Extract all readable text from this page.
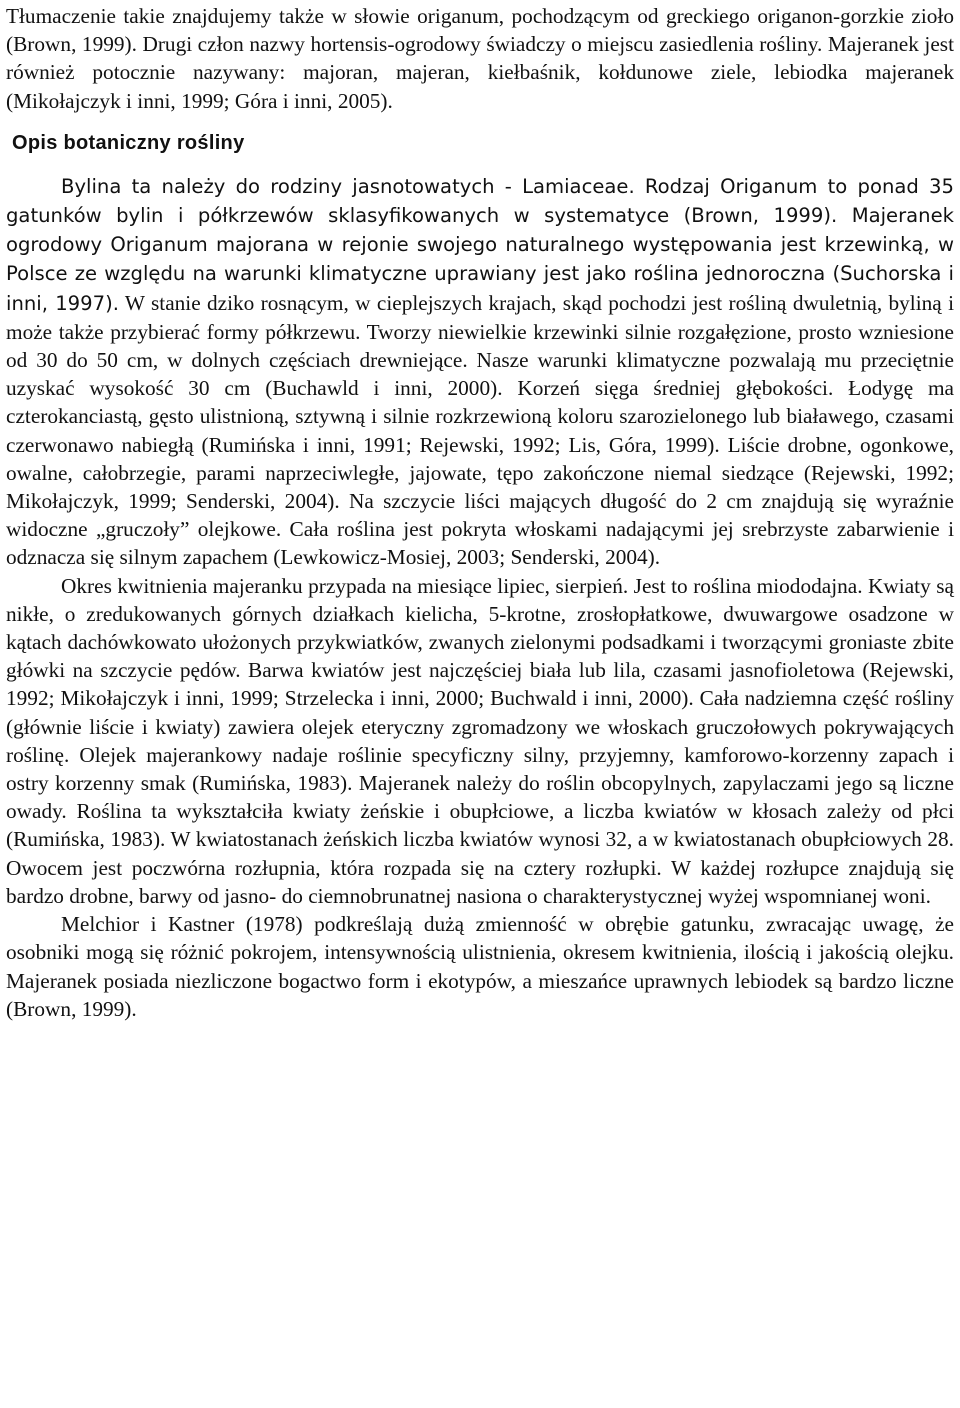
Tłumaczenie takie znajdujemy także w słowie origanum, pochodzącym od greckiego origanon-gorzkie zioło (Brown, 1999). Drugi człon nazwy hortensis-ogrodowy świadczy o miejscu zasiedlenia rośliny. Majeranek jest również potocznie nazywany: majoran, majeran, kiełbaśnik, kołdunowe ziele, lebiodka majeranek (Mikołajczyk i inni, 1999; Góra i inni, 2005).

Opis botaniczny rośliny

Bylina ta należy do rodziny jasnotowatych - Lamiaceae. Rodzaj Origanum to ponad 35 gatunków bylin i półkrzewów sklasyfikowanych w systematyce (Brown, 1999). Majeranek ogrodowy Origanum majorana w rejonie swojego naturalnego występowania jest krzewinką, w Polsce ze względu na warunki klimatyczne uprawiany jest jako roślina jednoroczna (Suchorska i inni, 1997). W stanie dziko rosnącym, w cieplejszych krajach, skąd pochodzi jest rośliną dwuletnią, byliną i może także przybierać formy półkrzewu. Tworzy niewielkie krzewinki silnie rozgałęzione, prosto wzniesione od 30 do 50 cm, w dolnych częściach drewniejące. Nasze warunki klimatyczne pozwalają mu przeciętnie uzyskać wysokość 30 cm (Buchawld i inni, 2000). Korzeń sięga średniej głębokości. Łodygę ma czterokanciastą, gęsto ulistnioną, sztywną i silnie rozkrzewioną koloru szarozielonego lub białawego, czasami czerwonawo nabiegłą (Rumińska i inni, 1991; Rejewski, 1992; Lis, Góra, 1999). Liście drobne, ogonkowe, owalne, całobrzegie, parami naprzeciwległe, jajowate, tępo zakończone niemal siedzące (Rejewski, 1992; Mikołajczyk, 1999; Senderski, 2004). Na szczycie liści mających długość do 2 cm znajdują się wyraźnie widoczne „gruczoły” olejkowe. Cała roślina jest pokryta włoskami nadającymi jej srebrzyste zabarwienie i odznacza się silnym zapachem (Lewkowicz-Mosiej, 2003; Senderski, 2004).

Okres kwitnienia majeranku przypada na miesiące lipiec, sierpień. Jest to roślina miododajna. Kwiaty są nikłe, o zredukowanych górnych działkach kielicha, 5-krotne, zrosłopłatkowe, dwuwargowe osadzone w kątach dachówkowato ułożonych przykwiatków, zwanych zielonymi podsadkami i tworzącymi groniaste zbite główki na szczycie pędów. Barwa kwiatów jest najczęściej biała lub lila, czasami jasnofioletowa (Rejewski, 1992; Mikołajczyk i inni, 1999; Strzelecka i inni, 2000; Buchwald i inni, 2000). Cała nadziemna część rośliny (głównie liście i kwiaty) zawiera olejek eteryczny zgromadzony we włoskach gruczołowych pokrywających roślinę. Olejek majerankowy nadaje roślinie specyficzny silny, przyjemny, kamforowo-korzenny zapach i ostry korzenny smak (Rumińska, 1983). Majeranek należy do roślin obcopylnych, zapylaczami jego są liczne owady. Roślina ta wykształciła kwiaty żeńskie i obupłciowe, a liczba kwiatów w kłosach zależy od płci (Rumińska, 1983). W kwiatostanach żeńskich liczba kwiatów wynosi 32, a w kwiatostanach obupłciowych 28. Owocem jest poczwórna rozłupnia, która rozpada się na cztery rozłupki. W każdej rozłupce znajdują się bardzo drobne, barwy od jasno- do ciemnobrunatnej nasiona o charakterystycznej wyżej wspomnianej woni.

Melchior i Kastner (1978) podkreślają dużą zmienność w obrębie gatunku, zwracając uwagę, że osobniki mogą się różnić pokrojem, intensywnością ulistnienia, okresem kwitnienia, ilością i jakością olejku. Majeranek posiada niezliczone bogactwo form i ekotypów, a mieszańce uprawnych lebiodek są bardzo liczne (Brown, 1999).
